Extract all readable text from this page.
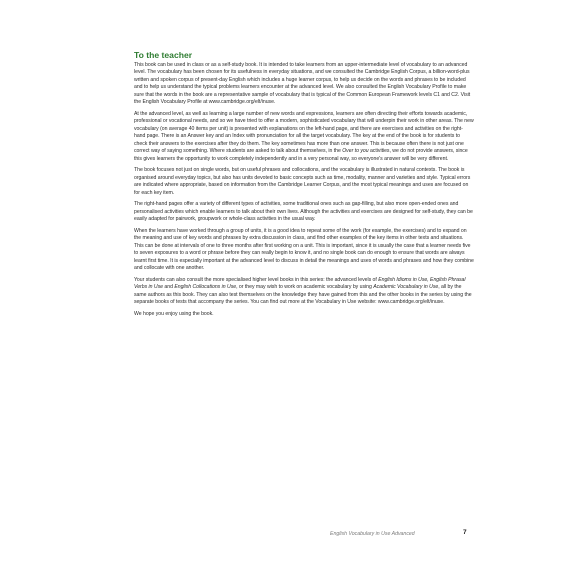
To the teacher

This book can be used in class or as a self-study book. It is intended to take learners from an upper-intermediate level of vocabulary to an advanced level. The vocabulary has been chosen for its usefulness in everyday situations, and we consulted the Cambridge English Corpus, a billion-word-plus written and spoken corpus of present-day English which includes a huge learner corpus, to help us decide on the words and phrases to be included and to help us understand the typical problems learners encounter at the advanced level. We also consulted the English Vocabulary Profile to make sure that the words in the book are a representative sample of vocabulary that is typical of the Common European Framework levels C1 and C2. Visit the English Vocabulary Profile at www.cambridge.org/elt/inuse.

At the advanced level, as well as learning a large number of new words and expressions, learners are often directing their efforts towards academic, professional or vocational needs, and so we have tried to offer a modern, sophisticated vocabulary that will underpin their work in other areas. The new vocabulary (on average 40 items per unit) is presented with explanations on the left-hand page, and there are exercises and activities on the right-hand page. There is an Answer key and an Index with pronunciation for all the target vocabulary. The key at the end of the book is for students to check their answers to the exercises after they do them. The key sometimes has more than one answer. This is because often there is not just one correct way of saying something. Where students are asked to talk about themselves, in the Over to you activities, we do not provide answers, since this gives learners the opportunity to work completely independently and in a very personal way, so everyone's answer will be very different.

The book focuses not just on single words, but on useful phrases and collocations, and the vocabulary is illustrated in natural contexts. The book is organised around everyday topics, but also has units devoted to basic concepts such as time, modality, manner and varieties and style. Typical errors are indicated where appropriate, based on information from the Cambridge Learner Corpus, and the most typical meanings and uses are focused on for each key item.

The right-hand pages offer a variety of different types of activities, some traditional ones such as gap-filling, but also more open-ended ones and personalised activities which enable learners to talk about their own lives. Although the activities and exercises are designed for self-study, they can be easily adapted for pairwork, groupwork or whole-class activities in the usual way.

When the learners have worked through a group of units, it is a good idea to repeat some of the work (for example, the exercises) and to expand on the meaning and use of key words and phrases by extra discussion in class, and find other examples of the key items in other texts and situations. This can be done at intervals of one to three months after first working on a unit. This is important, since it is usually the case that a learner needs five to seven exposures to a word or phrase before they can really begin to know it, and no single book can do enough to ensure that words are always learnt first time. It is especially important at the advanced level to discuss in detail the meanings and uses of words and phrases and how they combine and collocate with one another.

Your students can also consult the more specialised higher level books in this series: the advanced levels of English Idioms in Use, English Phrasal Verbs in Use and English Collocations in Use, or they may wish to work on academic vocabulary by using Academic Vocabulary in Use, all by the same authors as this book. They can also test themselves on the knowledge they have gained from this and the other books in the series by using the separate books of tests that accompany the series. You can find out more at the Vocabulary in Use website: www.cambridge.org/elt/inuse.

We hope you enjoy using the book.

English Vocabulary in Use Advanced	7
